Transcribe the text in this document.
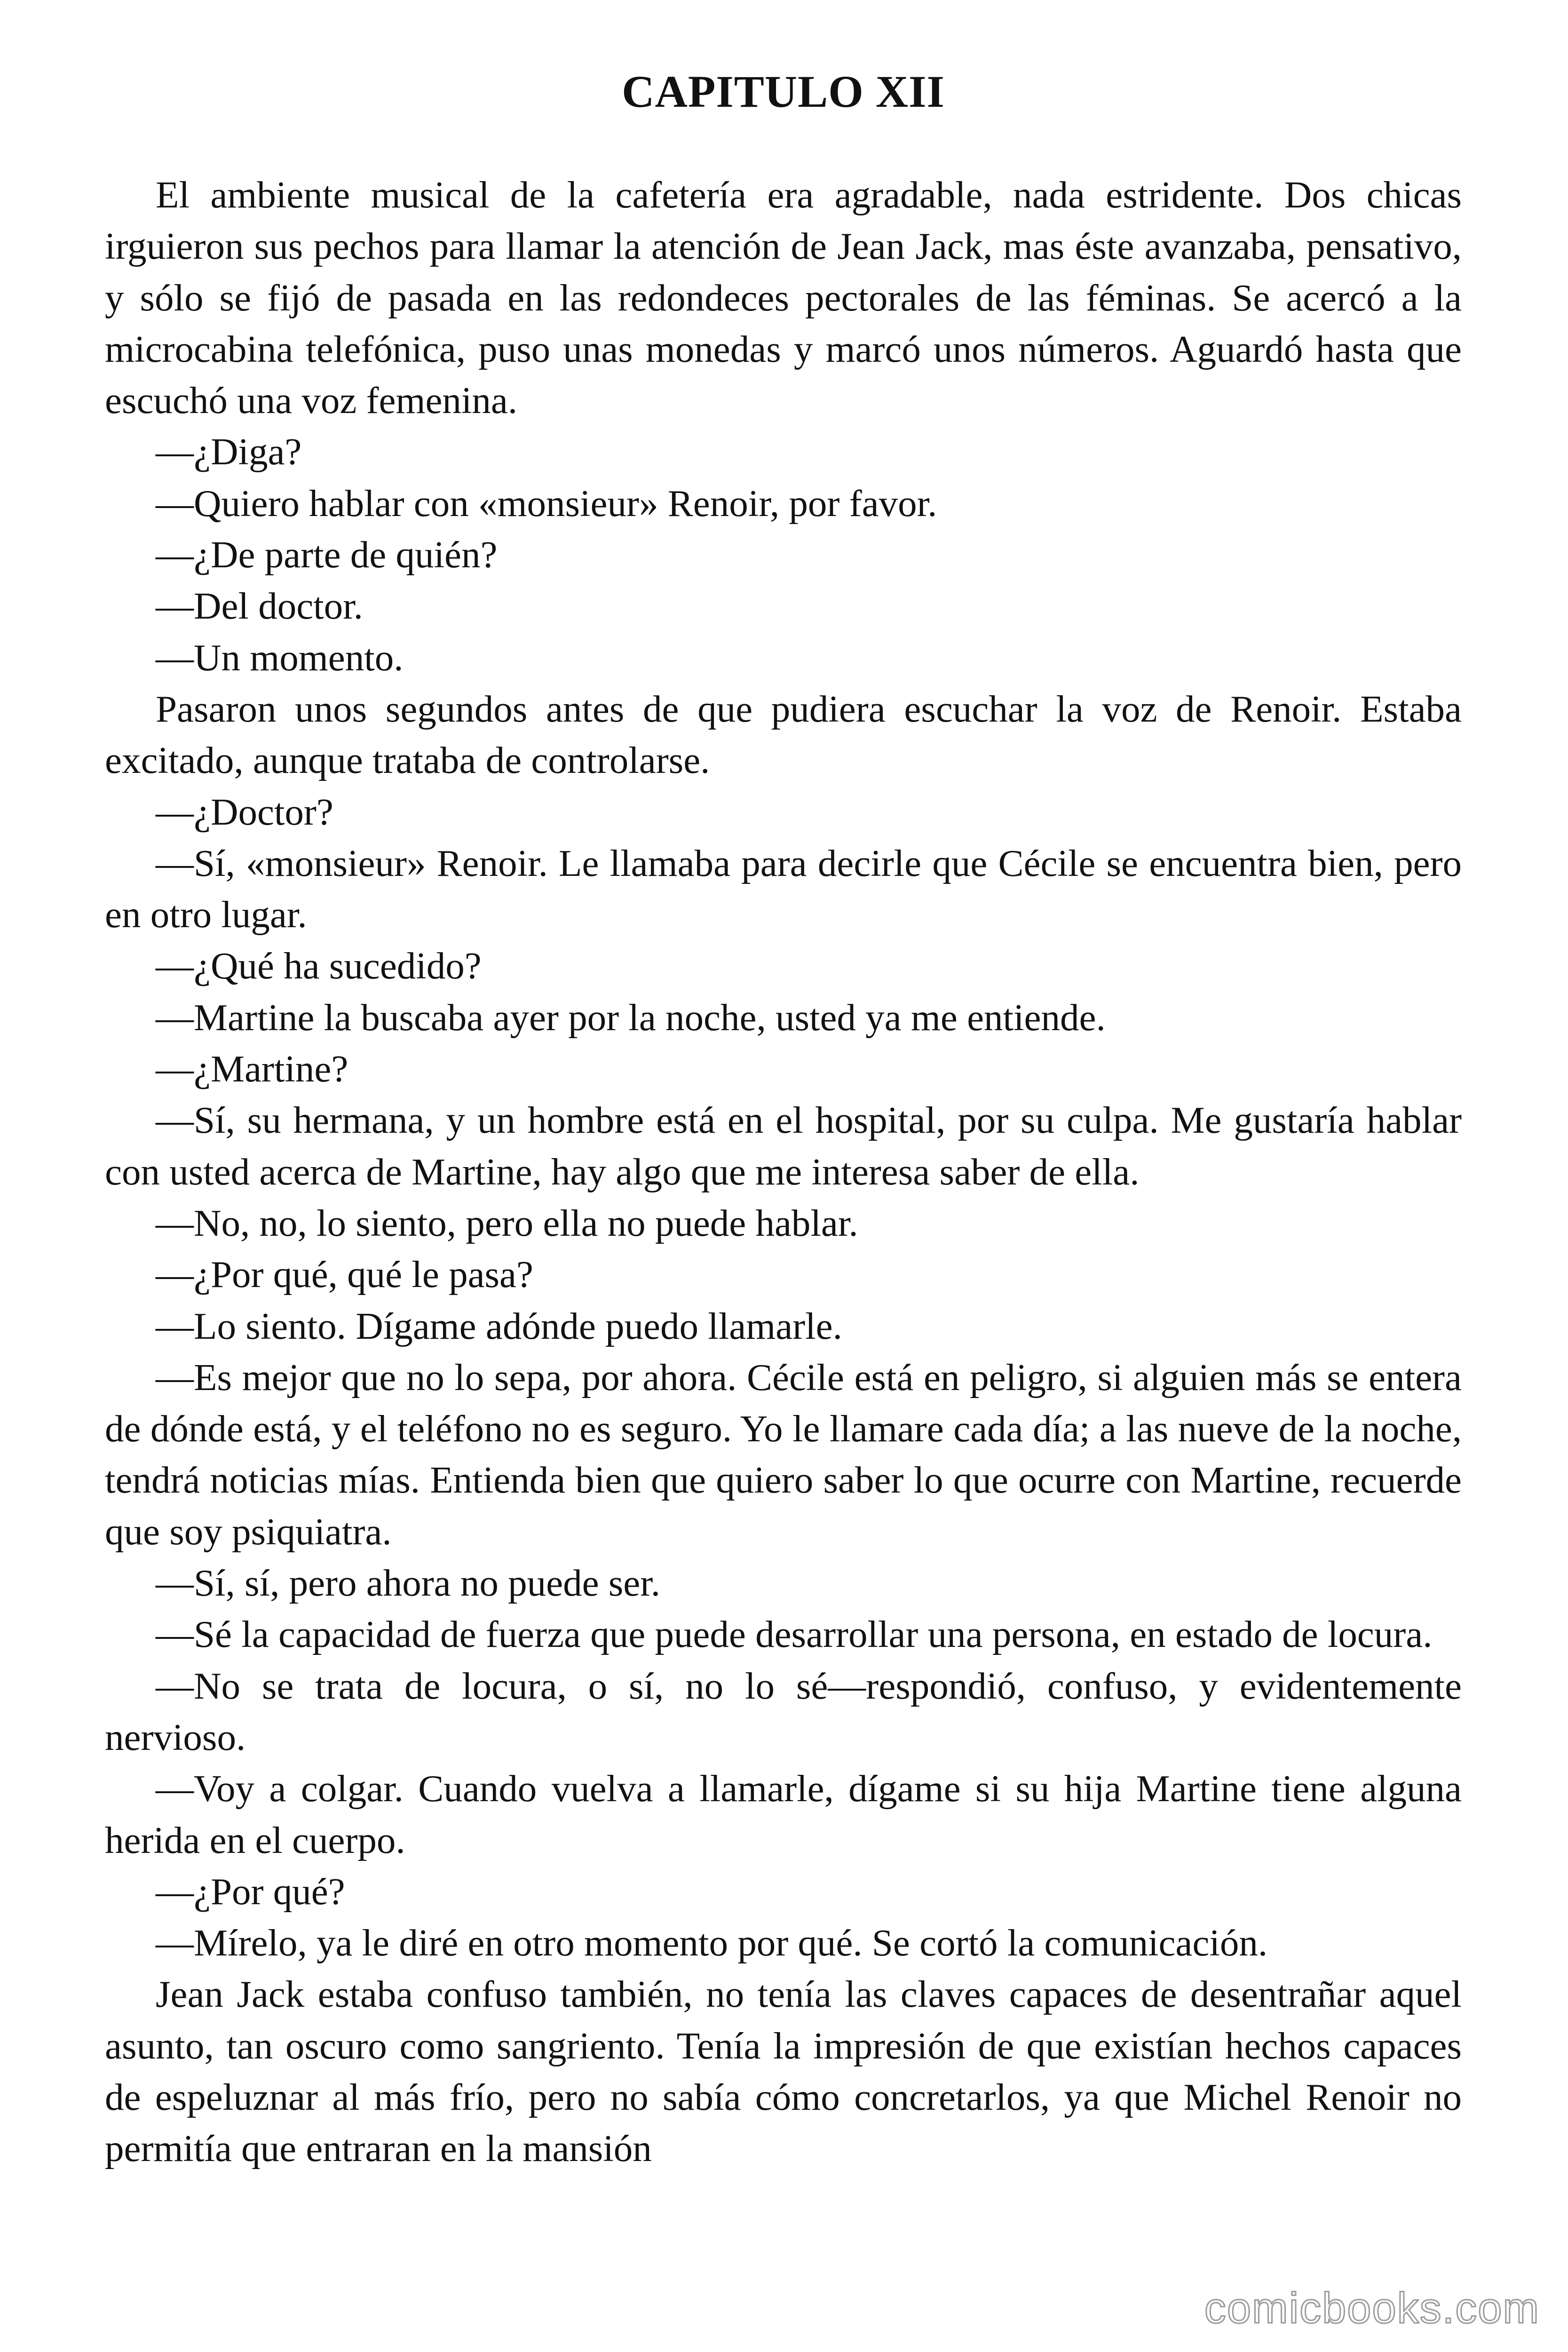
CAPITULO XII

El ambiente musical de la cafetería era agradable, nada estridente. Dos chicas irguieron sus pechos para llamar la atención de Jean Jack, mas éste avanzaba, pensativo, y sólo se fijó de pasada en las redondeces pectorales de las féminas. Se acercó a la microcabina telefónica, puso unas monedas y marcó unos números. Aguardó hasta que escuchó una voz femenina.

—¿Diga?

—Quiero hablar con «monsieur» Renoir, por favor.

—¿De parte de quién?

—Del doctor.

—Un momento.

Pasaron unos segundos antes de que pudiera escuchar la voz de Renoir. Estaba excitado, aunque trataba de controlarse.

—¿Doctor?

—Sí, «monsieur» Renoir. Le llamaba para decirle que Cécile se encuentra bien, pero en otro lugar.

—¿Qué ha sucedido?

—Martine la buscaba ayer por la noche, usted ya me entiende.

—¿Martine?

—Sí, su hermana, y un hombre está en el hospital, por su culpa. Me gustaría hablar con usted acerca de Martine, hay algo que me interesa saber de ella.

—No, no, lo siento, pero ella no puede hablar.

—¿Por qué, qué le pasa?

—Lo siento. Dígame adónde puedo llamarle.

—Es mejor que no lo sepa, por ahora. Cécile está en peligro, si alguien más se entera de dónde está, y el teléfono no es seguro. Yo le llamare cada día; a las nueve de la noche, tendrá noticias mías. Entienda bien que quiero saber lo que ocurre con Martine, recuerde que soy psiquiatra.

—Sí, sí, pero ahora no puede ser.

—Sé la capacidad de fuerza que puede desarrollar una persona, en estado de locura.

—No se trata de locura, o sí, no lo sé—respondió, confuso, y evidentemente nervioso.

—Voy a colgar. Cuando vuelva a llamarle, dígame si su hija Martine tiene alguna herida en el cuerpo.

—¿Por qué?

—Mírelo, ya le diré en otro momento por qué. Se cortó la comunicación.

Jean Jack estaba confuso también, no tenía las claves capaces de desentrañar aquel asunto, tan oscuro como sangriento. Tenía la impresión de que existían hechos capaces de espeluznar al más frío, pero no sabía cómo concretarlos, ya que Michel Renoir no permitía que entraran en la mansión

comicbooks.com
